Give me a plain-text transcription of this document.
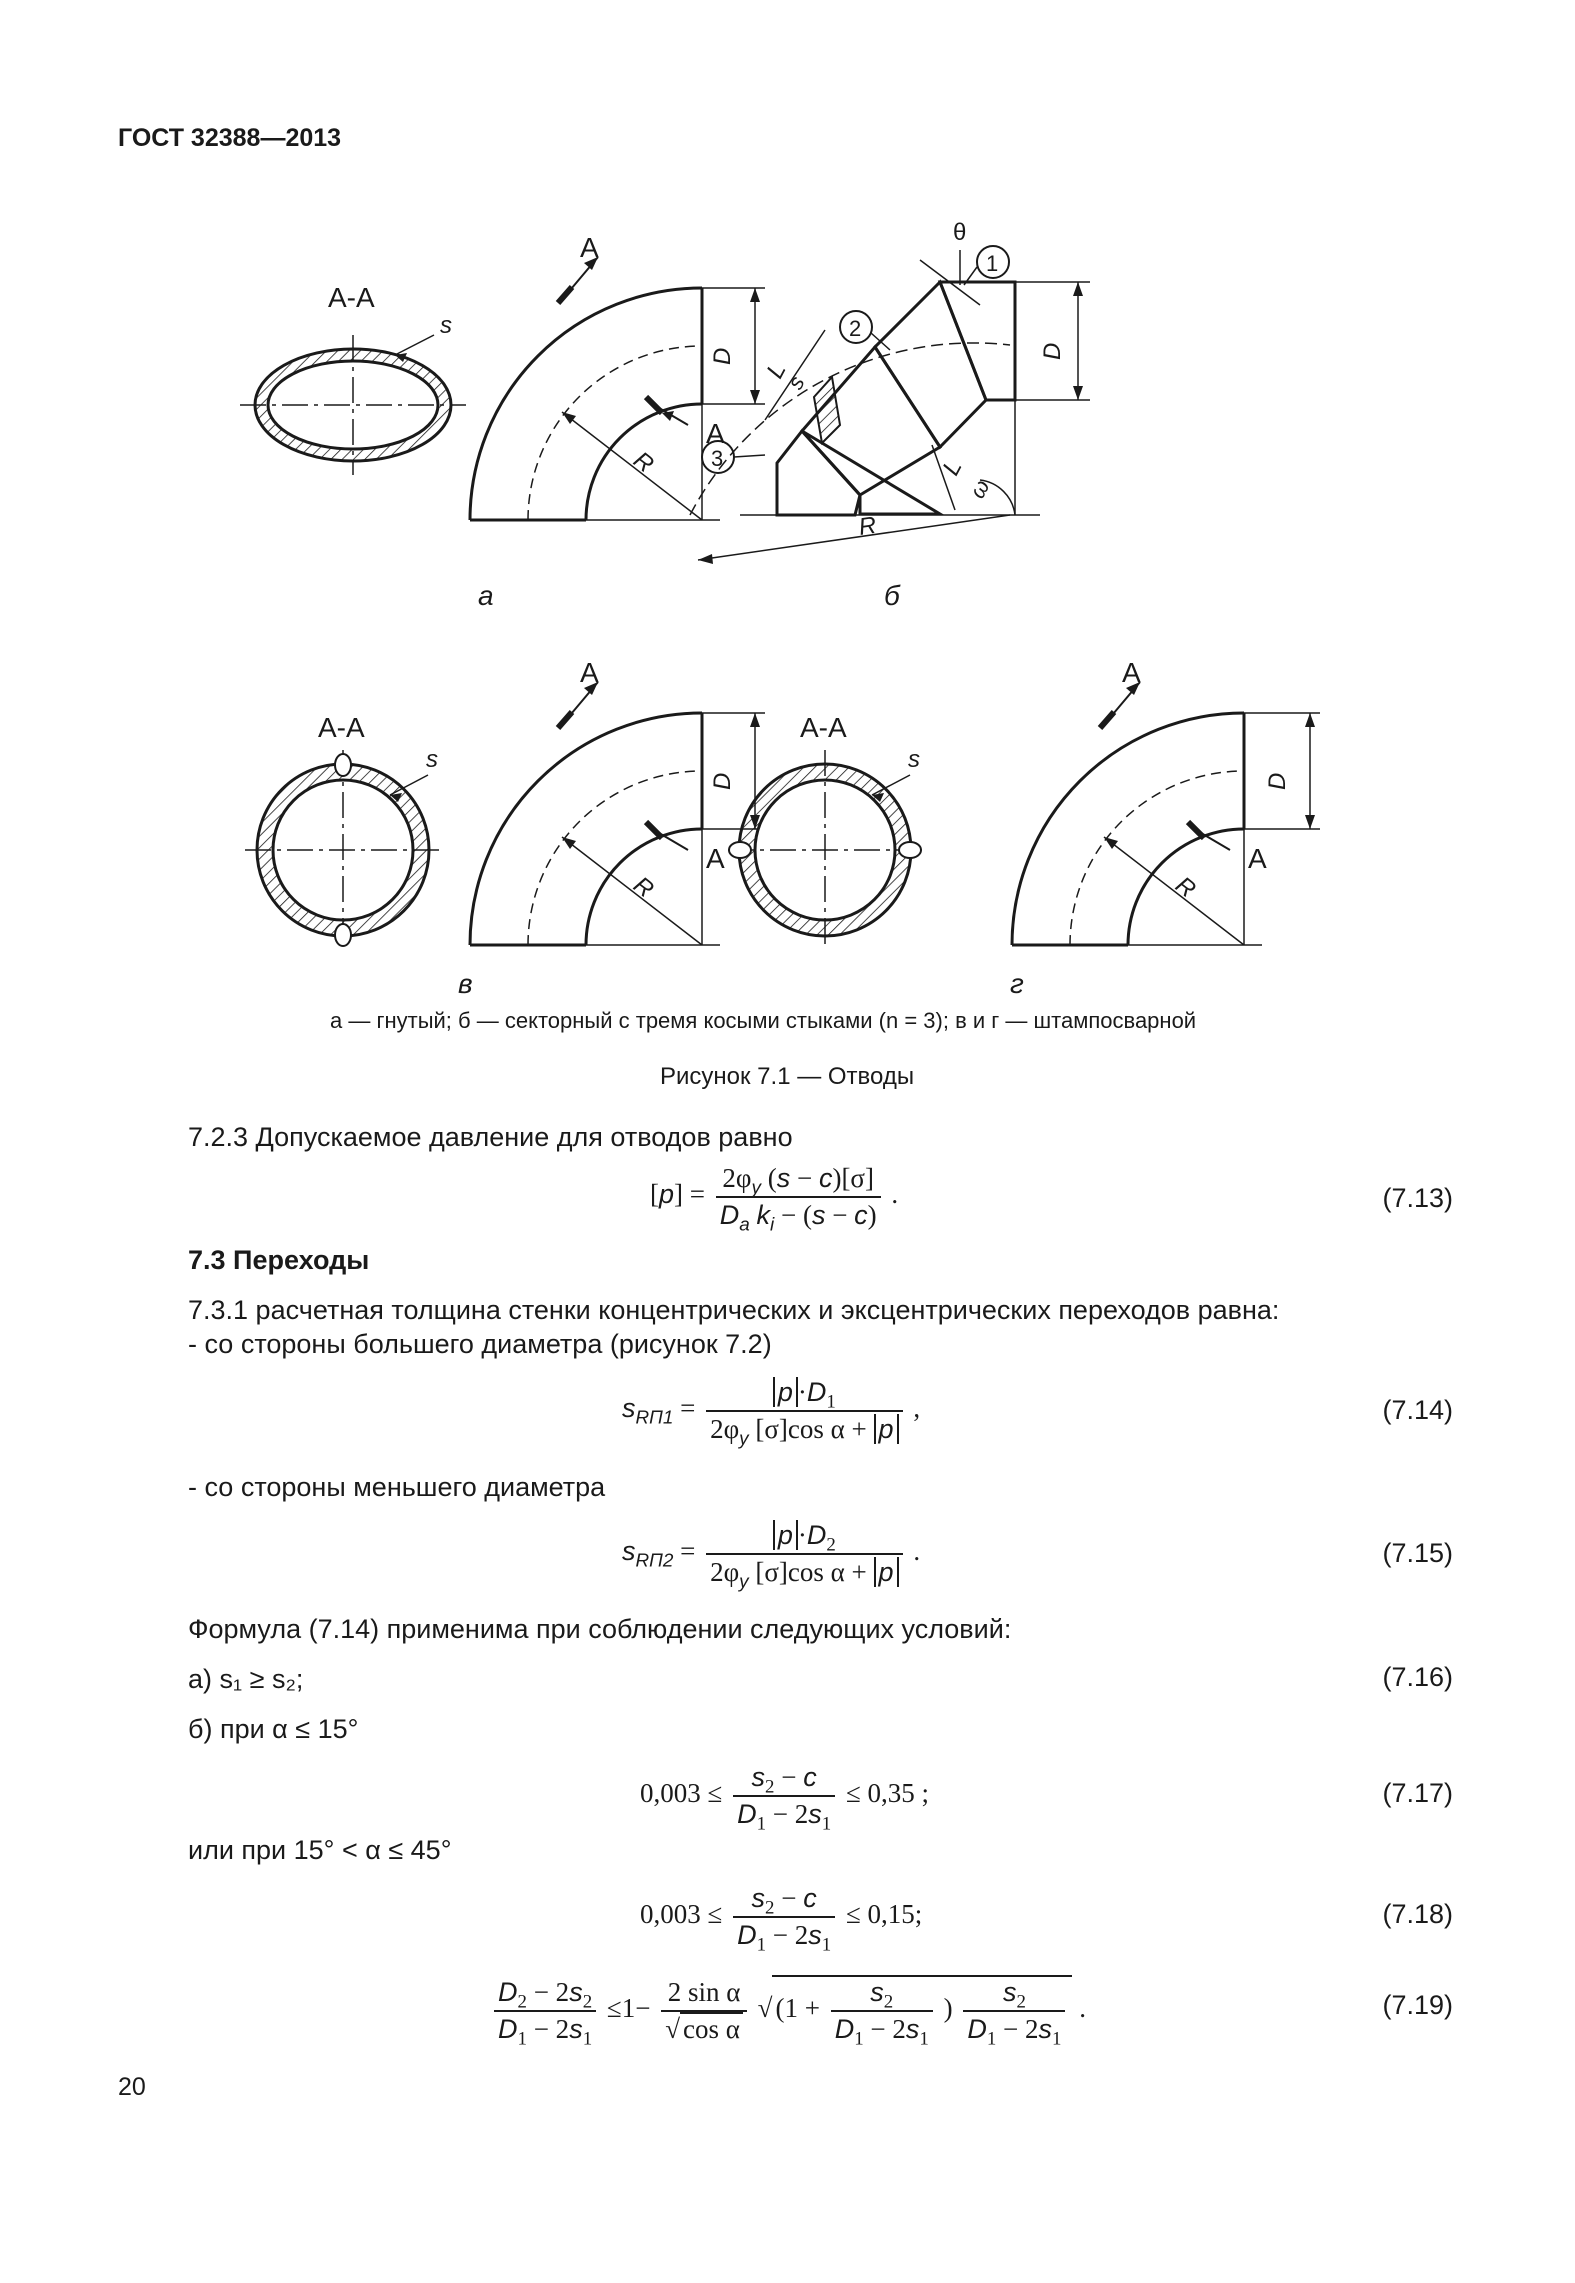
ГОСТ 32388—2013
А-А
А
А
s
D
R
а
D
θ
1
2
3
L
L
s
ω
R
б
А-А
А
А
s
D
R
в
А-А
А
А
s
D
R
г
а — гнутый; б — секторный с тремя косыми стыками (n = 3); в и г — штампосварной
Рисунок 7.1 — Отводы
7.2.3 Допускаемое давление для отводов равно
$[p] = \frac{2\varphi_y (s - c)[\sigma]}{D_a k_i - (s - c)}$ .	(7.13)
7.3 Переходы
7.3.1 расчетная толщина стенки концентрических и эксцентрических переходов равна:
- со стороны большего диаметра (рисунок 7.2)
$s_{RП1} = \frac{p \cdot D_1}{2\varphi_y [\sigma]\cos \alpha + p}$ ,	(7.14)
- со стороны меньшего диаметра
$s_{RП2} = \frac{p \cdot D_2}{2\varphi_y [\sigma]\cos \alpha + p}$ .	(7.15)
Формула (7.14) применима при соблюдении следующих условий:
а) s₁ ≥ s₂;	(7.16)
б) при α ≤ 15°
$0,003 \le \frac{s_2 - c}{D_1 - 2s_1} \le 0,35$ ;	(7.17)
или при 15° < α ≤ 45°
$0,003 \le \frac{s_2 - c}{D_1 - 2s_1} \le 0,15$;	(7.18)
$\frac{D_2 - 2s_2}{D_1 - 2s_1} \le 1- \frac{\text{2 sin α}}{\text{√ cos α}}$ √ ($1 + \frac{s_2}{D_1 - 2s_1}$ ) $\frac{s_2}{D_1 - 2s_1}$ .	(7.19)
20
